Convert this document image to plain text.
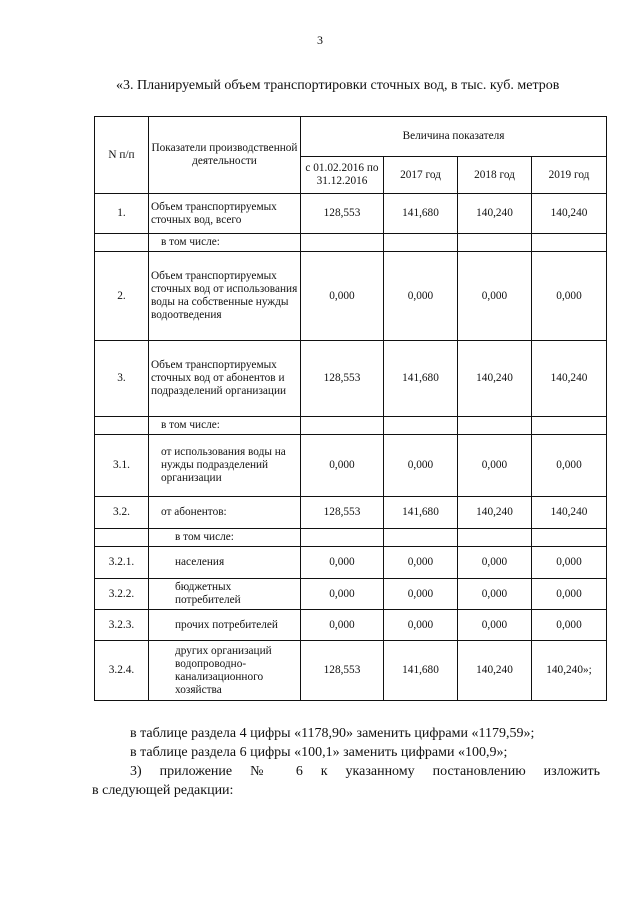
3
«3. Планируемый объем транспортировки сточных вод, в тыс. куб. метров
N п/п	Показатели производственной деятельности	Величина показателя			
		с 01.02.2016 по 31.12.2016	2017 год	2018 год	2019 год
1.	Объем транспортируемых сточных вод, всего	128,553	141,680	140,240	140,240
	в том числе:				
2.	Объем транспортируемых сточных вод от использования воды на собственные нужды водоотведения	0,000	0,000	0,000	0,000
3.	Объем транспортируемых сточных вод от абонентов и подразделений организации	128,553	141,680	140,240	140,240
	в том числе:				
3.1.	от использования воды на нужды подразделений организации	0,000	0,000	0,000	0,000
3.2.	от абонентов:	128,553	141,680	140,240	140,240
	в том числе:				
3.2.1.	населения	0,000	0,000	0,000	0,000
3.2.2.	бюджетных потребителей	0,000	0,000	0,000	0,000
3.2.3.	прочих потребителей	0,000	0,000	0,000	0,000
3.2.4.	других организаций водопроводно-канализационного хозяйства	128,553	141,680	140,240	140,240»;
в таблице раздела 4 цифры «1178,90» заменить цифрами «1179,59»;
в таблице раздела 6 цифры «100,1» заменить цифрами «100,9»;
3) приложение № 6 к указанному постановлению изложить
в следующей редакции:
